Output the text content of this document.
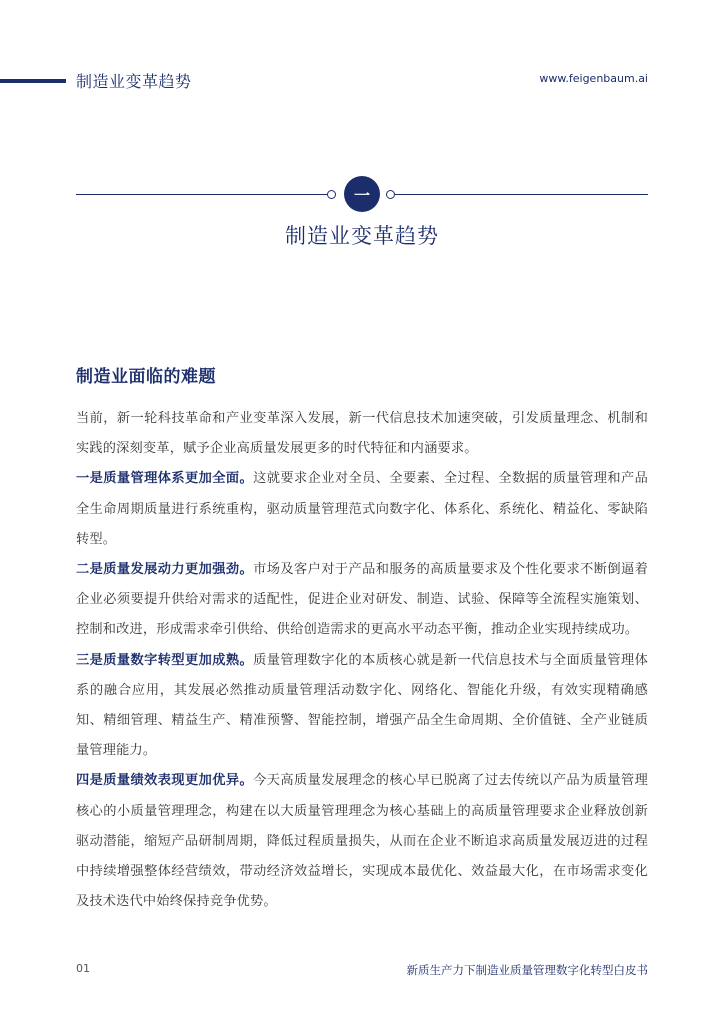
制造业变革趋势	www.feigenbaum.ai
一
制造业变革趋势
制造业面临的难题

当前，新一轮科技革命和产业变革深入发展，新一代信息技术加速突破，引发质量理念、机制和实践的深刻变革，赋予企业高质量发展更多的时代特征和内涵要求。

一是质量管理体系更加全面。这就要求企业对全员、全要素、全过程、全数据的质量管理和产品全生命周期质量进行系统重构，驱动质量管理范式向数字化、体系化、系统化、精益化、零缺陷转型。

二是质量发展动力更加强劲。市场及客户对于产品和服务的高质量要求及个性化要求不断倒逼着企业必须要提升供给对需求的适配性，促进企业对研发、制造、试验、保障等全流程实施策划、控制和改进，形成需求牵引供给、供给创造需求的更高水平动态平衡，推动企业实现持续成功。

三是质量数字转型更加成熟。质量管理数字化的本质核心就是新一代信息技术与全面质量管理体系的融合应用，其发展必然推动质量管理活动数字化、网络化、智能化升级，有效实现精确感知、精细管理、精益生产、精准预警、智能控制，增强产品全生命周期、全价值链、全产业链质量管理能力。

四是质量绩效表现更加优异。今天高质量发展理念的核心早已脱离了过去传统以产品为质量管理核心的小质量管理理念，构建在以大质量管理理念为核心基础上的高质量管理要求企业释放创新驱动潜能，缩短产品研制周期，降低过程质量损失，从而在企业不断追求高质量发展迈进的过程中持续增强整体经营绩效，带动经济效益增长，实现成本最优化、效益最大化，在市场需求变化及技术迭代中始终保持竞争优势。

01	新质生产力下制造业质量管理数字化转型白皮书
